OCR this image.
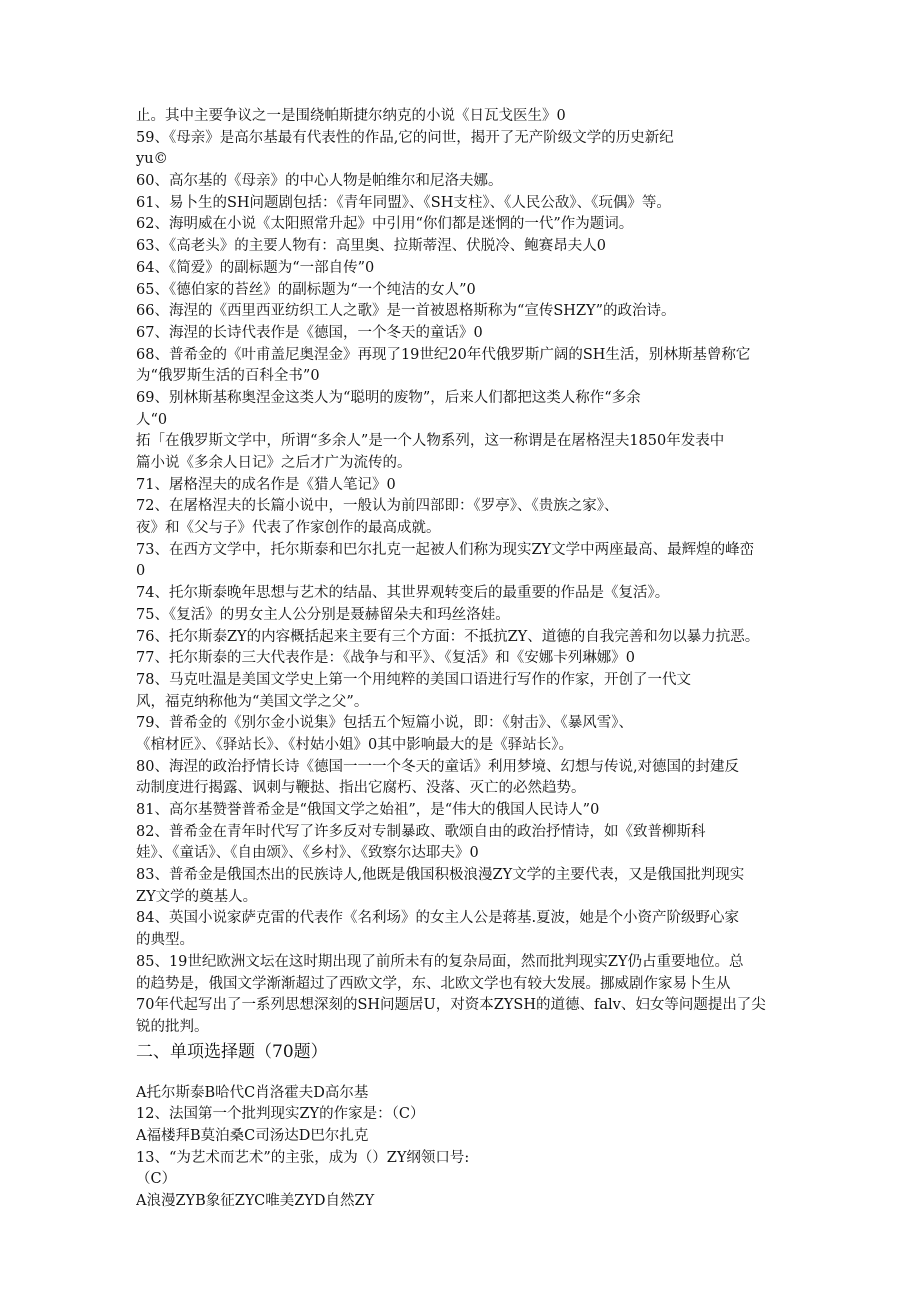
止。其中主要争议之一是围绕帕斯捷尔纳克的小说《日瓦戈医生》0
59、《母亲》是高尔基最有代表性的作品,它的问世，揭开了无产阶级文学的历史新纪
yu©
60、高尔基的《母亲》的中心人物是帕维尔和尼洛夫娜。
61、易卜生的SH问题剧包括：《青年同盟》、《SH支柱》、《人民公敌》、《玩偶》等。
62、海明威在小说《太阳照常升起》中引用“你们都是迷惘的一代”作为题词。
63、《高老头》的主要人物有：高里奥、拉斯蒂涅、伏脱冷、鲍赛昂夫人0
64、《简爱》的副标题为“一部自传”0
65、《德伯家的苔丝》的副标题为“一个纯洁的女人”0
66、海涅的《西里西亚纺织工人之歌》是一首被恩格斯称为“宣传SHZY”的政治诗。
67、海涅的长诗代表作是《德国，一个冬天的童话》0
68、普希金的《叶甫盖尼奥涅金》再现了19世纪20年代俄罗斯广阔的SH生活，别林斯基曾称它
为“俄罗斯生活的百科全书”0
69、别林斯基称奥涅金这类人为“聪明的废物”，后来人们都把这类人称作“多余
人“0
拓「在俄罗斯文学中，所谓“多余人”是一个人物系列，这一称谓是在屠格涅夫1850年发表中
篇小说《多余人日记》之后才广为流传的。
71、屠格涅夫的成名作是《猎人笔记》0
72、在屠格涅夫的长篇小说中，一般认为前四部即：《罗亭》、《贵族之家》、
夜》和《父与子》代表了作家创作的最高成就。
73、在西方文学中，托尔斯泰和巴尔扎克一起被人们称为现实ZY文学中两座最高、最辉煌的峰峦
0
74、托尔斯泰晚年思想与艺术的结晶、其世界观转变后的最重要的作品是《复活》。
75、《复活》的男女主人公分别是聂赫留朵夫和玛丝洛娃。
76、托尔斯泰ZY的内容概括起来主要有三个方面：不抵抗ZY、道德的自我完善和勿以暴力抗恶。
77、托尔斯泰的三大代表作是：《战争与和平》、《复活》和《安娜卡列琳娜》0
78、马克吐温是美国文学史上第一个用纯粹的美国口语进行写作的作家，开创了一代文
风，福克纳称他为“美国文学之父”。
79、普希金的《别尔金小说集》包括五个短篇小说，即：《射击》、《暴风雪》、
《棺材匠》、《驿站长》、《村姑小姐》0其中影响最大的是《驿站长》。
80、海涅的政治抒情长诗《德国一一一个冬天的童话》利用梦境、幻想与传说,对德国的封建反
动制度进行揭露、讽刺与鞭挞、指出它腐朽、没落、灭亡的必然趋势。
81、高尔基赞誉普希金是“俄国文学之始祖”，是“伟大的俄国人民诗人”0
82、普希金在青年时代写了许多反对专制暴政、歌颂自由的政治抒情诗，如《致普柳斯科
娃》、《童话》、《自由颂》、《乡村》、《致察尔达耶夫》0
83、普希金是俄国杰出的民族诗人,他既是俄国积极浪漫ZY文学的主要代表，又是俄国批判现实
ZY文学的奠基人。
84、英国小说家萨克雷的代表作《名利场》的女主人公是蒋基.夏波，她是个小资产阶级野心家
的典型。
85、19世纪欧洲文坛在这时期出现了前所未有的复杂局面，然而批判现实ZY仍占重要地位。总
的趋势是，俄国文学渐渐超过了西欧文学，东、北欧文学也有较大发展。挪威剧作家易卜生从
70年代起写出了一系列思想深刻的SH问题居U，对资本ZYSH的道德、falv、妇女等问题提出了尖
锐的批判。
二、单项选择题（70题）
A托尔斯泰B哈代C肖洛霍夫D高尔基
12、法国第一个批判现实ZY的作家是：（C）
A福楼拜B莫泊桑C司汤达D巴尔扎克
13、“为艺术而艺术”的主张，成为（）ZY纲领口号:
（C）
A浪漫ZYB象征ZYC唯美ZYD自然ZY
